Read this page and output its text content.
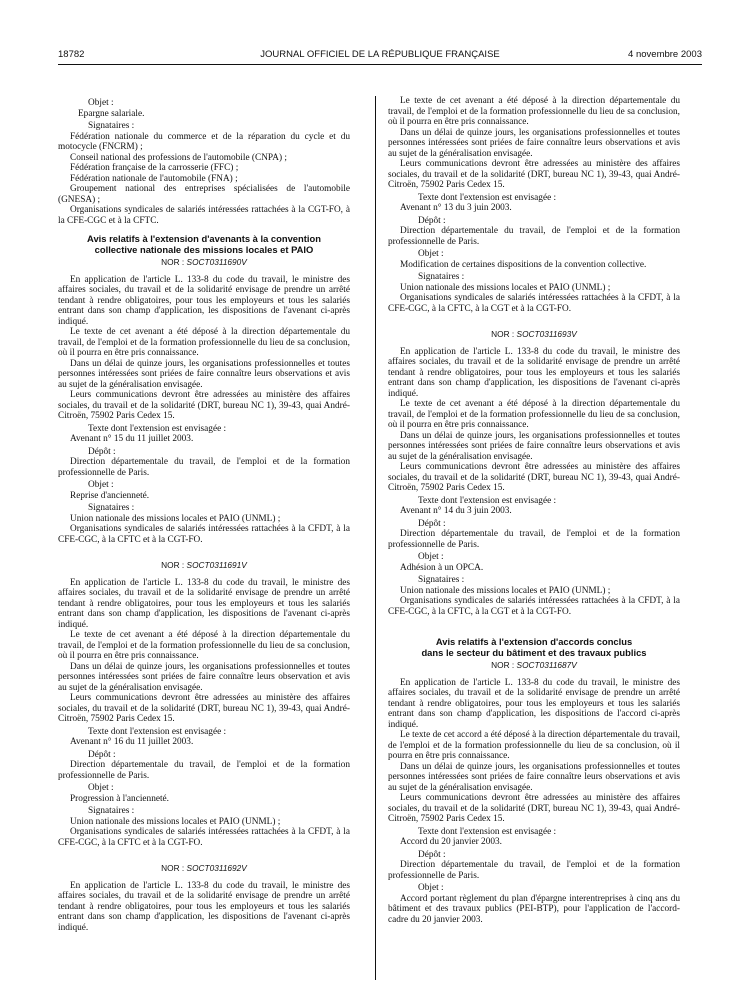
18782	JOURNAL OFFICIEL DE LA RÉPUBLIQUE FRANÇAISE	4 novembre 2003

Objet :

Epargne salariale.

Signataires :

Fédération nationale du commerce et de la réparation du cycle et du motocycle (FNCRM) ;

Conseil national des professions de l'automobile (CNPA) ;

Fédération française de la carrosserie (FFC) ;

Fédération nationale de l'automobile (FNA) ;

Groupement national des entreprises spécialisées de l'automobile (GNESA) ;

Organisations syndicales de salariés intéressées rattachées à la CGT-FO, à la CFE-CGC et à la CFTC.

Avis relatifs à l'extension d'avenants à la convention
collective nationale des missions locales et PAIO

NOR : SOCT0311690V

En application de l'article L. 133-8 du code du travail, le ministre des affaires sociales, du travail et de la solidarité envisage de prendre un arrêté tendant à rendre obligatoires, pour tous les employeurs et tous les salariés entrant dans son champ d'application, les dispositions de l'avenant ci-après indiqué.

Le texte de cet avenant a été déposé à la direction départementale du travail, de l'emploi et de la formation professionnelle du lieu de sa conclusion, où il pourra en être pris connaissance.

Dans un délai de quinze jours, les organisations professionnelles et toutes personnes intéressées sont priées de faire connaître leurs observations et avis au sujet de la généralisation envisagée.

Leurs communications devront être adressées au ministère des affaires sociales, du travail et de la solidarité (DRT, bureau NC 1), 39-43, quai André-Citroën, 75902 Paris Cedex 15.

Texte dont l'extension est envisagée :

Avenant n° 15 du 11 juillet 2003.

Dépôt :

Direction départementale du travail, de l'emploi et de la formation professionnelle de Paris.

Objet :

Reprise d'ancienneté.

Signataires :

Union nationale des missions locales et PAIO (UNML) ;

Organisations syndicales de salariés intéressées rattachées à la CFDT, à la CFE-CGC, à la CFTC et à la CGT-FO.

NOR : SOCT0311691V

En application de l'article L. 133-8 du code du travail, le ministre des affaires sociales, du travail et de la solidarité envisage de prendre un arrêté tendant à rendre obligatoires, pour tous les employeurs et tous les salariés entrant dans son champ d'application, les dispositions de l'avenant ci-après indiqué.

Le texte de cet avenant a été déposé à la direction départementale du travail, de l'emploi et de la formation professionnelle du lieu de sa conclusion, où il pourra en être pris connaissance.

Dans un délai de quinze jours, les organisations professionnelles et toutes personnes intéressées sont priées de faire connaître leurs observation et avis au sujet de la généralisation envisagée.

Leurs communications devront être adressées au ministère des affaires sociales, du travail et de la solidarité (DRT, bureau NC 1), 39-43, quai André-Citroën, 75902 Paris Cedex 15.

Texte dont l'extension est envisagée :

Avenant n° 16 du 11 juillet 2003.

Dépôt :

Direction départementale du travail, de l'emploi et de la formation professionnelle de Paris.

Objet :

Progression à l'ancienneté.

Signataires :

Union nationale des missions locales et PAIO (UNML) ;

Organisations syndicales de salariés intéressées rattachées à la CFDT, à la CFE-CGC, à la CFTC et à la CGT-FO.

NOR : SOCT0311692V

En application de l'article L. 133-8 du code du travail, le ministre des affaires sociales, du travail et de la solidarité envisage de prendre un arrêté tendant à rendre obligatoires, pour tous les employeurs et tous les salariés entrant dans son champ d'application, les dispositions de l'avenant ci-après indiqué.

Le texte de cet avenant a été déposé à la direction départementale du travail, de l'emploi et de la formation professionnelle du lieu de sa conclusion, où il pourra en être pris connaissance.

Dans un délai de quinze jours, les organisations professionnelles et toutes personnes intéressées sont priées de faire connaître leurs observations et avis au sujet de la généralisation envisagée.

Leurs communications devront être adressées au ministère des affaires sociales, du travail et de la solidarité (DRT, bureau NC 1), 39-43, quai André-Citroën, 75902 Paris Cedex 15.

Texte dont l'extension est envisagée :

Avenant n° 13 du 3 juin 2003.

Dépôt :

Direction départementale du travail, de l'emploi et de la formation professionnelle de Paris.

Objet :

Modification de certaines dispositions de la convention collective.

Signataires :

Union nationale des missions locales et PAIO (UNML) ;

Organisations syndicales de salariés intéressées rattachées à la CFDT, à la CFE-CGC, à la CFTC, à la CGT et à la CGT-FO.

NOR : SOCT0311693V

En application de l'article L. 133-8 du code du travail, le ministre des affaires sociales, du travail et de la solidarité envisage de prendre un arrêté tendant à rendre obligatoires, pour tous les employeurs et tous les salariés entrant dans son champ d'application, les dispositions de l'avenant ci-après indiqué.

Le texte de cet avenant a été déposé à la direction départementale du travail, de l'emploi et de la formation professionnelle du lieu de sa conclusion, où il pourra en être pris connaissance.

Dans un délai de quinze jours, les organisations professionnelles et toutes personnes intéressées sont priées de faire connaître leurs observations et avis au sujet de la généralisation envisagée.

Leurs communications devront être adressées au ministère des affaires sociales, du travail et de la solidarité (DRT, bureau NC 1), 39-43, quai André-Citroën, 75902 Paris Cedex 15.

Texte dont l'extension est envisagée :

Avenant n° 14 du 3 juin 2003.

Dépôt :

Direction départementale du travail, de l'emploi et de la formation professionnelle de Paris.

Objet :

Adhésion à un OPCA.

Signataires :

Union nationale des missions locales et PAIO (UNML) ;

Organisations syndicales de salariés intéressées rattachées à la CFDT, à la CFE-CGC, à la CFTC, à la CGT et à la CGT-FO.

Avis relatifs à l'extension d'accords conclus
dans le secteur du bâtiment et des travaux publics

NOR : SOCT0311687V

En application de l'article L. 133-8 du code du travail, le ministre des affaires sociales, du travail et de la solidarité envisage de prendre un arrêté tendant à rendre obligatoires, pour tous les employeurs et tous les salariés entrant dans son champ d'application, les dispositions de l'accord ci-après indiqué.

Le texte de cet accord a été déposé à la direction départementale du travail, de l'emploi et de la formation professionnelle du lieu de sa conclusion, où il pourra en être pris connaissance.

Dans un délai de quinze jours, les organisations professionnelles et toutes personnes intéressées sont priées de faire connaître leurs observations et avis au sujet de la généralisation envisagée.

Leurs communications devront être adressées au ministère des affaires sociales, du travail et de la solidarité (DRT, bureau NC 1), 39-43, quai André-Citroën, 75902 Paris Cedex 15.

Texte dont l'extension est envisagée :

Accord du 20 janvier 2003.

Dépôt :

Direction départementale du travail, de l'emploi et de la formation professionnelle de Paris.

Objet :

Accord portant règlement du plan d'épargne interentreprises à cinq ans du bâtiment et des travaux publics (PEI-BTP), pour l'application de l'accord-cadre du 20 janvier 2003.
